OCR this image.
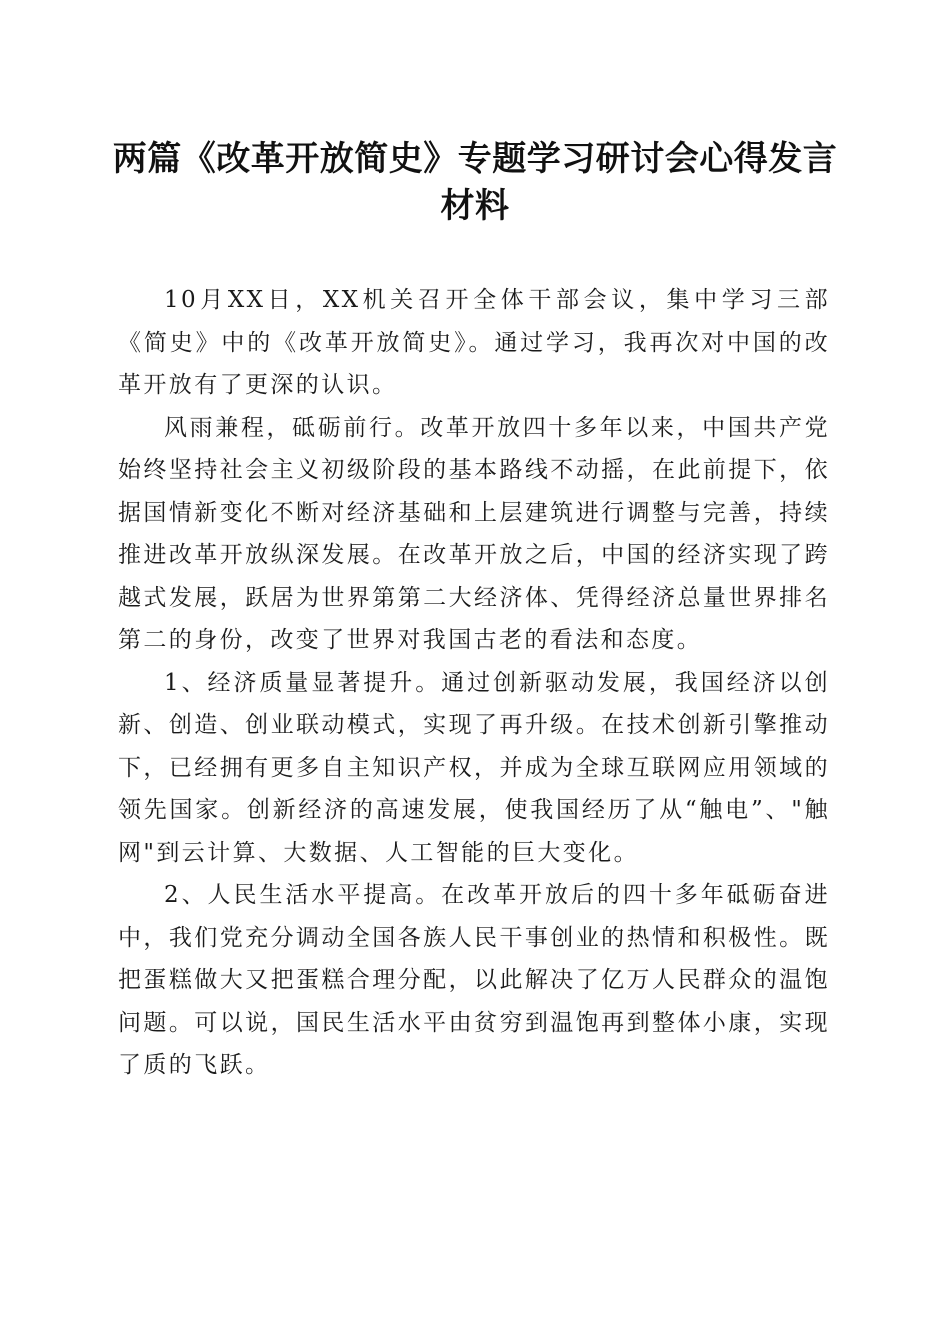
两篇《改革开放简史》专题学习研讨会心得发言材料

10月XX日，XX机关召开全体干部会议，集中学习三部《简史》中的《改革开放简史》。通过学习，我再次对中国的改革开放有了更深的认识。

风雨兼程，砥砺前行。改革开放四十多年以来，中国共产党始终坚持社会主义初级阶段的基本路线不动摇，在此前提下，依据国情新变化不断对经济基础和上层建筑进行调整与完善，持续推进改革开放纵深发展。在改革开放之后，中国的经济实现了跨越式发展，跃居为世界第第二大经济体、凭得经济总量世界排名第二的身份，改变了世界对我国古老的看法和态度。

1、经济质量显著提升。通过创新驱动发展，我国经济以创新、创造、创业联动模式，实现了再升级。在技术创新引擎推动下，已经拥有更多自主知识产权，并成为全球互联网应用领域的领先国家。创新经济的高速发展，使我国经历了从“触电”、"触网"到云计算、大数据、人工智能的巨大变化。

2、人民生活水平提高。在改革开放后的四十多年砥砺奋进中，我们党充分调动全国各族人民干事创业的热情和积极性。既把蛋糕做大又把蛋糕合理分配，以此解决了亿万人民群众的温饱问题。可以说，国民生活水平由贫穷到温饱再到整体小康，实现了质的飞跃。
